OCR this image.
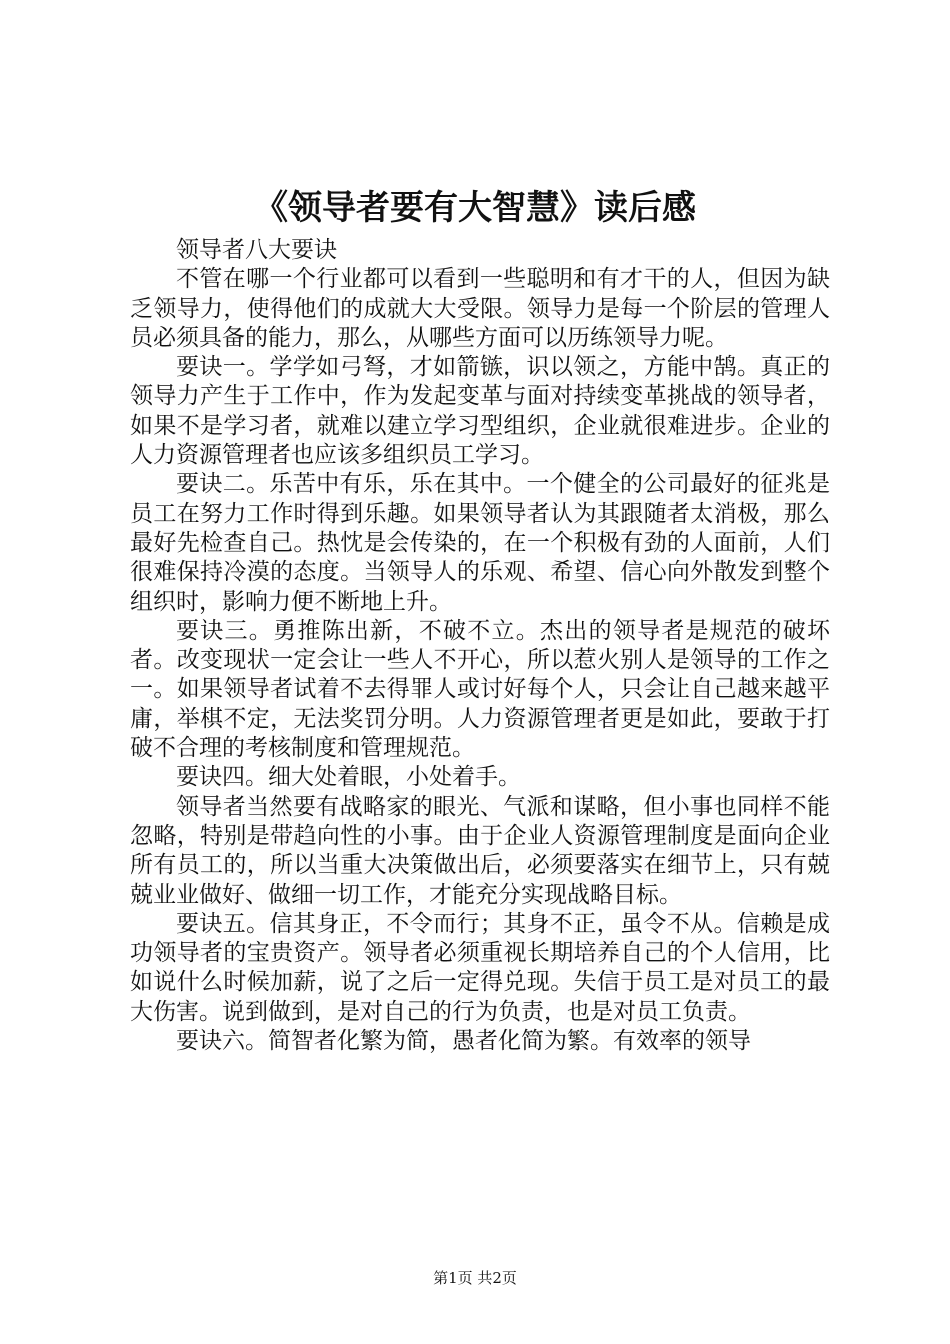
《领导者要有大智慧》读后感

领导者八大要诀

不管在哪一个行业都可以看到一些聪明和有才干的人，但因为缺乏领导力，使得他们的成就大大受限。领导力是每一个阶层的管理人员必须具备的能力，那么，从哪些方面可以历练领导力呢。

要诀一。学学如弓弩，才如箭镞，识以领之，方能中鹄。真正的领导力产生于工作中，作为发起变革与面对持续变革挑战的领导者，如果不是学习者，就难以建立学习型组织，企业就很难进步。企业的人力资源管理者也应该多组织员工学习。

要诀二。乐苦中有乐，乐在其中。一个健全的公司最好的征兆是员工在努力工作时得到乐趣。如果领导者认为其跟随者太消极，那么最好先检查自己。热忱是会传染的，在一个积极有劲的人面前，人们很难保持冷漠的态度。当领导人的乐观、希望、信心向外散发到整个组织时，影响力便不断地上升。

要诀三。勇推陈出新，不破不立。杰出的领导者是规范的破坏者。改变现状一定会让一些人不开心，所以惹火别人是领导的工作之一。如果领导者试着不去得罪人或讨好每个人，只会让自己越来越平庸，举棋不定，无法奖罚分明。人力资源管理者更是如此，要敢于打破不合理的考核制度和管理规范。

要诀四。细大处着眼，小处着手。

领导者当然要有战略家的眼光、气派和谋略，但小事也同样不能忽略，特别是带趋向性的小事。由于企业人资源管理制度是面向企业所有员工的，所以当重大决策做出后，必须要落实在细节上，只有兢兢业业做好、做细一切工作，才能充分实现战略目标。

要诀五。信其身正，不令而行；其身不正，虽令不从。信赖是成功领导者的宝贵资产。领导者必须重视长期培养自己的个人信用，比如说什么时候加薪，说了之后一定得兑现。失信于员工是对员工的最大伤害。说到做到，是对自己的行为负责，也是对员工负责。

要诀六。简智者化繁为简，愚者化简为繁。有效率的领导

第1页 共2页
